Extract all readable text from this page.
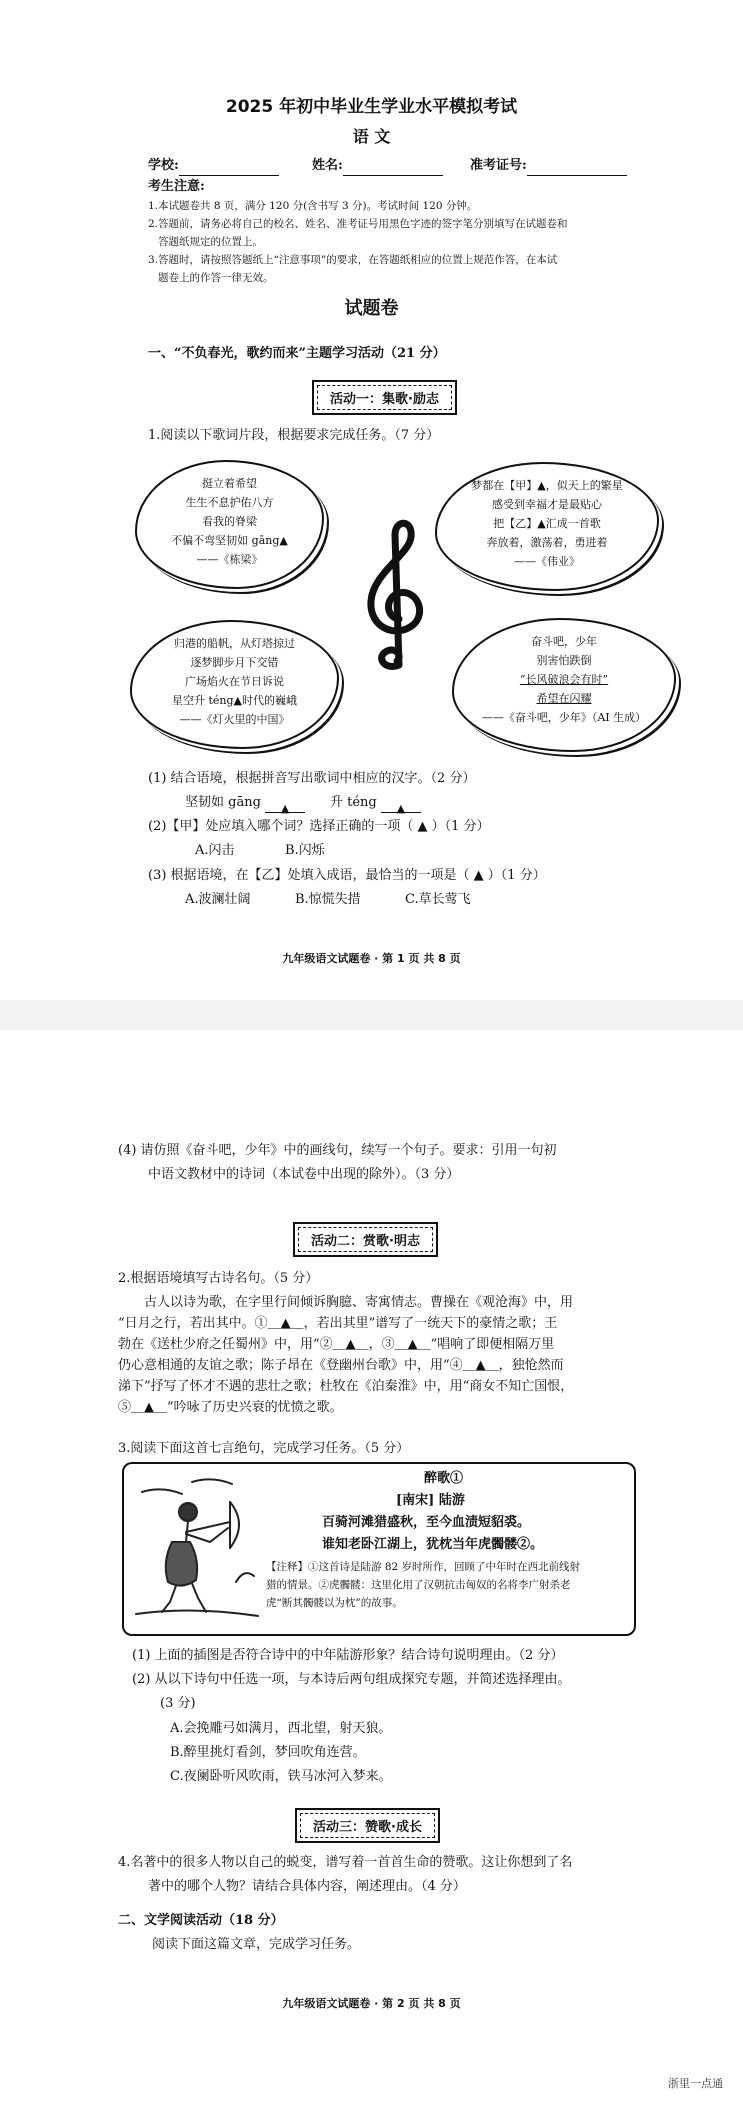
2025 年初中毕业生学业水平模拟考试
语 文
学校:	姓名:	准考证号:
考生注意:
1.本试题卷共 8 页，满分 120 分(含书写 3 分)。考试时间 120 分钟。
2.答题前，请务必将自己的校名、姓名、准考证号用黑色字迹的签字笔分别填写在试题卷和
答题纸规定的位置上。
3.答题时，请按照答题纸上“注意事项”的要求，在答题纸相应的位置上规范作答，在本试
题卷上的作答一律无效。
试题卷
一、“不负春光，歌约而来”主题学习活动（21 分）
活动一：集歌·励志
1.阅读以下歌词片段，根据要求完成任务。（7 分）
挺立着希望
生生不息护佑八方
看我的脊梁
不偏不弯坚韧如 gāng▲
——《栋梁》
梦都在【甲】▲，似天上的繁星
感受到幸福才是最贴心
把【乙】▲汇成一首歌
奔放着，激荡着，勇进着
——《伟业》
归港的船帆，从灯塔掠过
逐梦脚步月下交错
广场焰火在节日诉说
星空升 téng▲时代的巍峨
——《灯火里的中国》
奋斗吧，少年
别害怕跌倒
“长风破浪会有时”
希望在闪耀
——《奋斗吧，少年》（AI 生成）
(1) 结合语境，根据拼音写出歌词中相应的汉字。（2 分）
坚韧如 gāng ▲	升 téng ▲
(2)【甲】处应填入哪个词？选择正确的一项（ ▲ ）（1 分）
A.闪击	B.闪烁
(3) 根据语境，在【乙】处填入成语，最恰当的一项是（ ▲ ）（1 分）
A.波澜壮阔	B.惊慌失措	C.草长莺飞
九年级语文试题卷 · 第 1 页 共 8 页
(4) 请仿照《奋斗吧，少年》中的画线句，续写一个句子。要求：引用一句初
中语文教材中的诗词（本试卷中出现的除外）。（3 分）
活动二：赏歌·明志
2.根据语境填写古诗名句。（5 分）
古人以诗为歌，在字里行间倾诉胸臆、寄寓情志。曹操在《观沧海》中，用
“日月之行，若出其中。①＿▲＿，若出其里”谱写了一统天下的豪情之歌；王
勃在《送杜少府之任蜀州》中，用“②＿▲＿，③＿▲＿”唱响了即便相隔万里
仍心意相通的友谊之歌；陈子昂在《登幽州台歌》中，用“④＿▲＿，独怆然而
涕下”抒写了怀才不遇的悲壮之歌；杜牧在《泊秦淮》中，用“商女不知亡国恨，
⑤＿▲＿”吟咏了历史兴衰的忧愤之歌。
3.阅读下面这首七言绝句，完成学习任务。（5 分）
醉歌①
[南宋] 陆游
百骑河滩猎盛秋，至今血渍短貂裘。
谁知老卧江湖上，犹枕当年虎髑髅②。
【注释】①这首诗是陆游 82 岁时所作，回顾了中年时在西北前线射
猎的情景。②虎髑髅：这里化用了汉朝抗击匈奴的名将李广射杀老
虎“断其髑髅以为枕”的故事。
(1) 上面的插图是否符合诗中的中年陆游形象？结合诗句说明理由。（2 分）
(2) 从以下诗句中任选一项，与本诗后两句组成探究专题，并简述选择理由。
(3 分)
A.会挽雕弓如满月，西北望，射天狼。
B.醉里挑灯看剑，梦回吹角连营。
C.夜阑卧听风吹雨，铁马冰河入梦来。
活动三：赞歌·成长
4.名著中的很多人物以自己的蜕变，谱写着一首首生命的赞歌。这让你想到了名
著中的哪个人物？请结合具体内容，阐述理由。（4 分）
二、文学阅读活动（18 分）
阅读下面这篇文章，完成学习任务。
九年级语文试题卷 · 第 2 页 共 8 页
浙里一点通
